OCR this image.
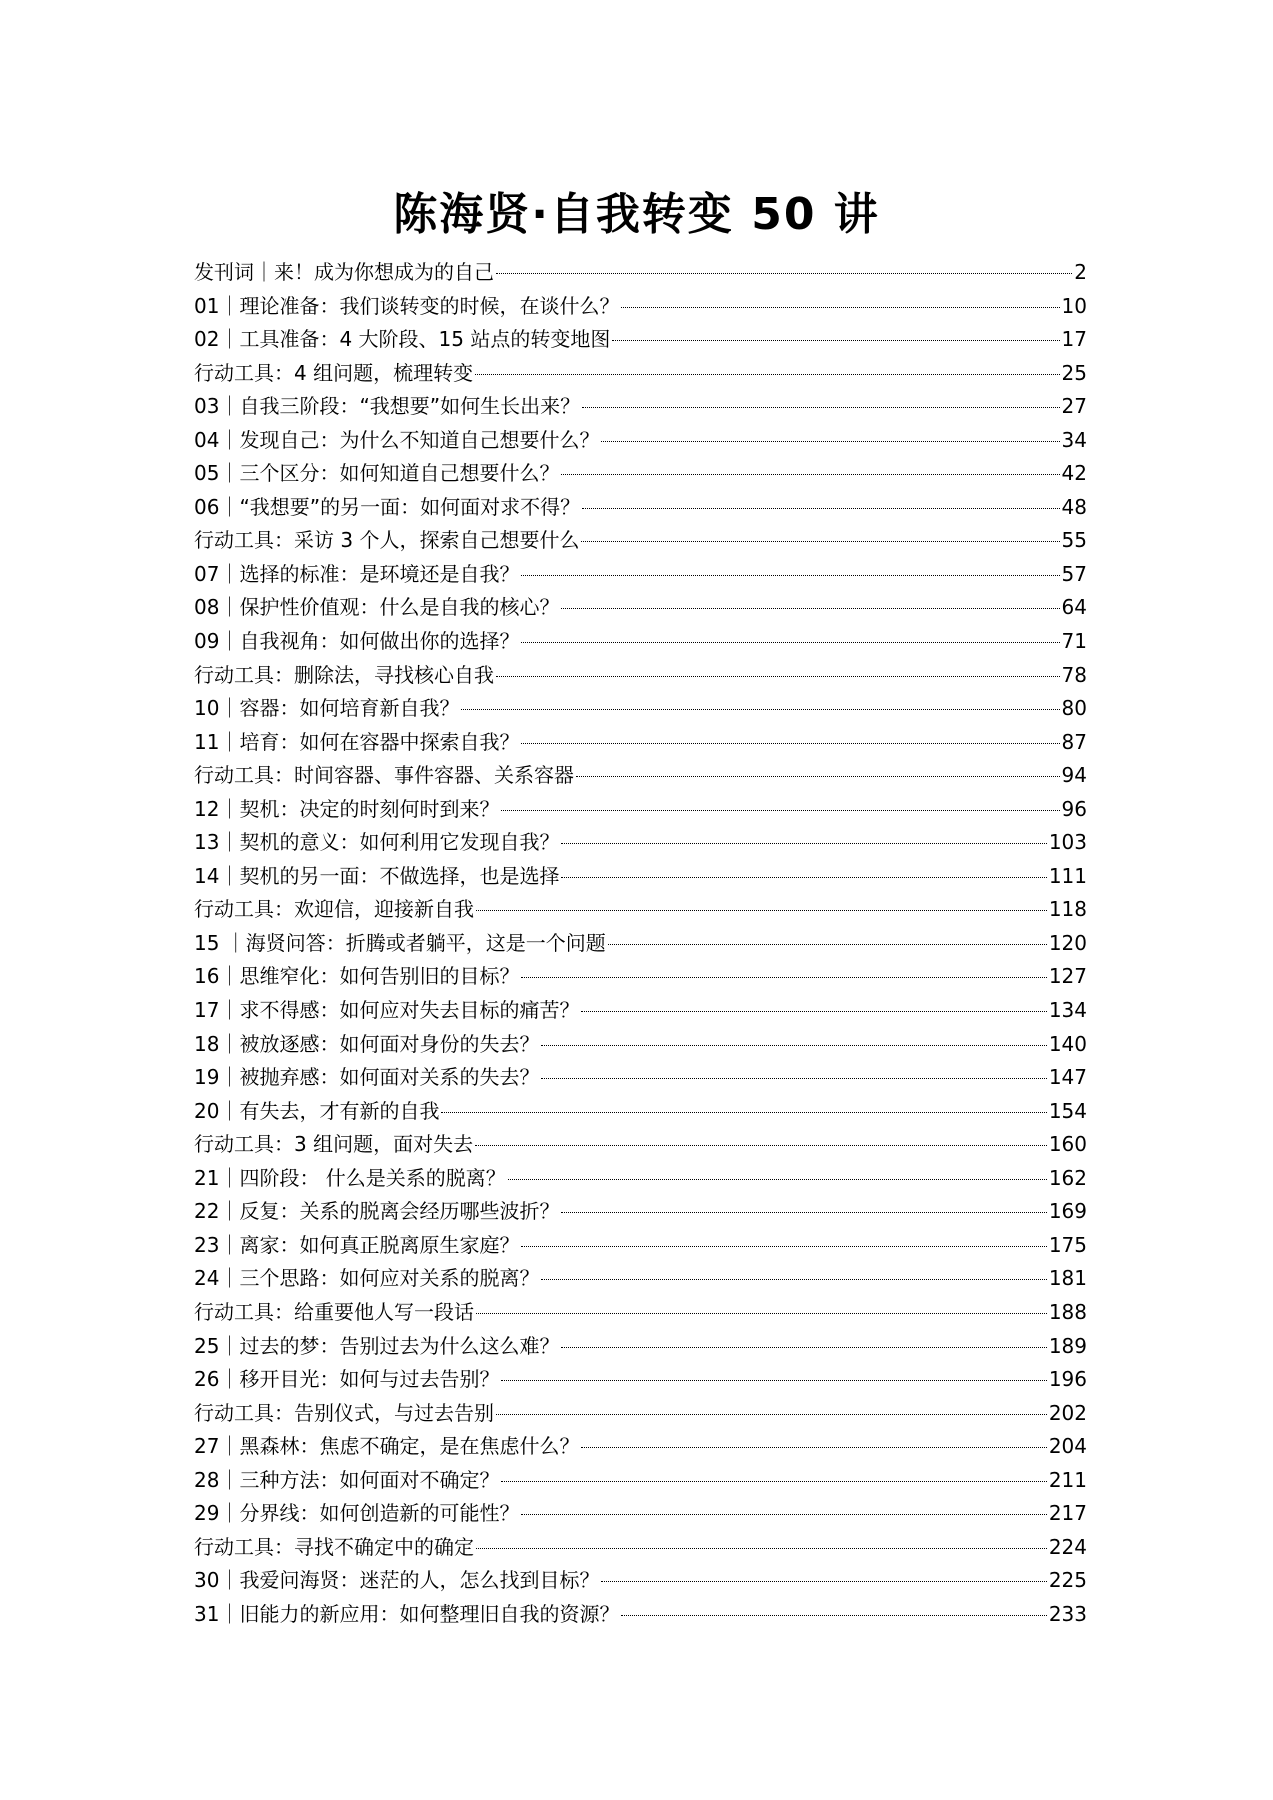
陈海贤·自我转变 50 讲
发刊词｜来！成为你想成为的自己	2
01｜理论准备：我们谈转变的时候，在谈什么？	10
02｜工具准备：4 大阶段、15 站点的转变地图	17
行动工具：4 组问题，梳理转变	25
03｜自我三阶段：“我想要”如何生长出来？	27
04｜发现自己：为什么不知道自己想要什么？	34
05｜三个区分：如何知道自己想要什么？	42
06｜“我想要”的另一面：如何面对求不得？	48
行动工具：采访 3 个人，探索自己想要什么	55
07｜选择的标准：是环境还是自我？	57
08｜保护性价值观：什么是自我的核心？	64
09｜自我视角：如何做出你的选择？	71
行动工具：删除法，寻找核心自我	78
10｜容器：如何培育新自我？	80
11｜培育：如何在容器中探索自我？	87
行动工具：时间容器、事件容器、关系容器	94
12｜契机：决定的时刻何时到来？	96
13｜契机的意义：如何利用它发现自我？	103
14｜契机的另一面：不做选择，也是选择	111
行动工具：欢迎信，迎接新自我	118
15 ｜海贤问答：折腾或者躺平，这是一个问题	120
16｜思维窄化：如何告别旧的目标？	127
17｜求不得感：如何应对失去目标的痛苦？	134
18｜被放逐感：如何面对身份的失去？	140
19｜被抛弃感：如何面对关系的失去？	147
20｜有失去，才有新的自我	154
行动工具：3 组问题，面对失去	160
21｜四阶段： 什么是关系的脱离？	162
22｜反复：关系的脱离会经历哪些波折？	169
23｜离家：如何真正脱离原生家庭？	175
24｜三个思路：如何应对关系的脱离？	181
行动工具：给重要他人写一段话	188
25｜过去的梦：告别过去为什么这么难？	189
26｜移开目光：如何与过去告别？	196
行动工具：告别仪式，与过去告别	202
27｜黑森林：焦虑不确定，是在焦虑什么？	204
28｜三种方法：如何面对不确定？	211
29｜分界线：如何创造新的可能性？	217
行动工具：寻找不确定中的确定	224
30｜我爱问海贤：迷茫的人，怎么找到目标？	225
31｜旧能力的新应用：如何整理旧自我的资源？	233
